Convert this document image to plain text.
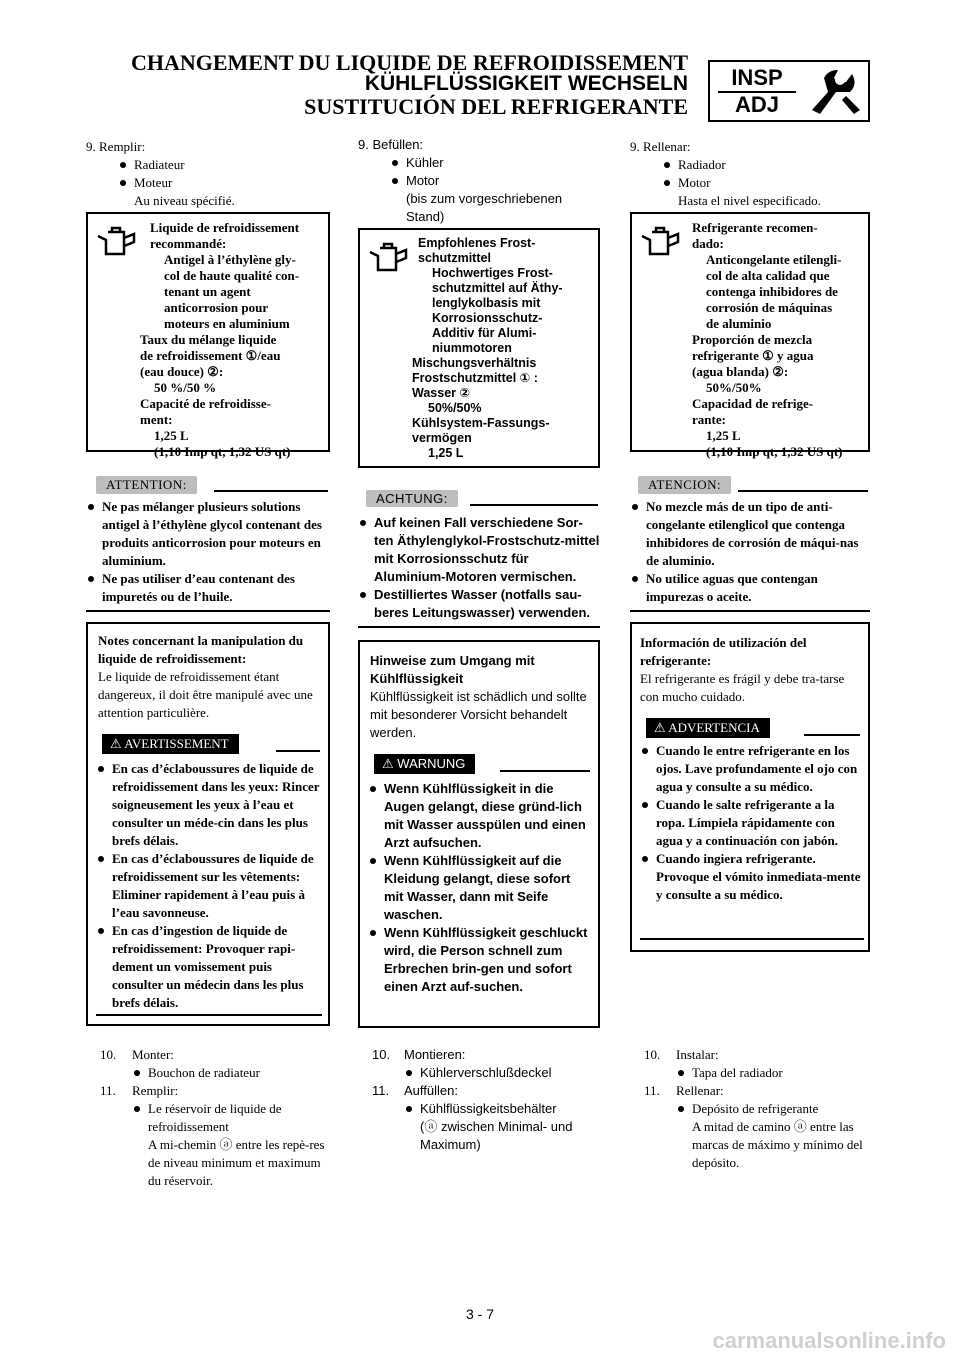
CHANGEMENT DU LIQUIDE DE REFROIDISSEMENT
KÜHLFLÜSSIGKEIT WECHSELN
SUSTITUCIÓN DEL REFRIGERANTE
INSP
ADJ

9. Remplir:

Radiateur

Moteur

Au niveau spécifié.

Liquide de refroidissement recommandé:
Antigel à l’éthylène gly-
col de haute qualité con-
tenant un agent
anticorrosion pour
moteurs en aluminium
Taux du mélange liquide
de refroidissement ①/eau
(eau douce) ②:
50 %/50 %
Capacité de refroidisse-
ment:
1,25 L
(1,10 Imp qt, 1,32 US qt)
ATTENTION:

Ne pas mélanger plusieurs solutions antigel à l’éthylène glycol contenant des produits anticorrosion pour moteurs en aluminium.

Ne pas utiliser d’eau contenant des impuretés ou de l’huile.

Notes concernant la manipulation du liquide de refroidissement:

Le liquide de refroidissement étant dangereux, il doit être manipulé avec une attention particulière.

⚠ AVERTISSEMENT

En cas d’éclaboussures de liquide de refroidissement dans les yeux: Rincer soigneusement les yeux à l’eau et consulter un méde-cin dans les plus brefs délais.

En cas d’éclaboussures de liquide de refroidissement sur les vêtements: Eliminer rapidement à l’eau puis à l’eau savonneuse.

En cas d’ingestion de liquide de refroidissement: Provoquer rapi-dement un vomissement puis consulter un médecin dans les plus brefs délais.

10. Monter:

Bouchon de radiateur

11. Remplir:

Le réservoir de liquide de refroidissement

A mi-chemin ⓐ entre les repè-res de niveau minimum et maximum du réservoir.

9. Befüllen:

Kühler

Motor

(bis zum vorgeschriebenen Stand)

Empfohlenes Frost-
schutzmittel
Hochwertiges Frost-
schutzmittel auf Äthy-
lenglykolbasis mit
Korrosionsschutz-
Additiv für Alumi-
niummotoren
Mischungsverhältnis
Frostschutzmittel ① :
Wasser ②
50%/50%
Kühlsystem-Fassungs-
vermögen
1,25 L
ACHTUNG:

Auf keinen Fall verschiedene Sor-ten Äthylenglykol-Frostschutz-mittel mit Korrosionsschutz für Aluminium-Motoren vermischen.

Destilliertes Wasser (notfalls sau-beres Leitungswasser) verwenden.

Hinweise zum Umgang mit Kühlflüssigkeit

Kühlflüssigkeit ist schädlich und sollte mit besonderer Vorsicht behandelt werden.

⚠ WARNUNG

Wenn Kühlflüssigkeit in die Augen gelangt, diese gründ-lich mit Wasser ausspülen und einen Arzt aufsuchen.

Wenn Kühlflüssigkeit auf die Kleidung gelangt, diese sofort mit Wasser, dann mit Seife waschen.

Wenn Kühlflüssigkeit geschluckt wird, die Person schnell zum Erbrechen brin-gen und sofort einen Arzt auf-suchen.

10. Montieren:

Kühlerverschlußdeckel

11. Auffüllen:

Kühlflüssigkeitsbehälter

(ⓐ zwischen Minimal- und Maximum)

9. Rellenar:

Radiador

Motor

Hasta el nivel especificado.

Refrigerante recomen-
dado:
Anticongelante etilengli-
col de alta calidad que
contenga inhibidores de
corrosión de máquinas
de aluminio
Proporción de mezcla
refrigerante ① y agua
(agua blanda) ②:
50%/50%
Capacidad de refrige-
rante:
1,25 L
(1,10 Imp qt, 1,32 US qt)
ATENCION:

No mezcle más de un tipo de anti-congelante etilenglicol que contenga inhibidores de corrosión de máqui-nas de aluminio.

No utilice aguas que contengan impurezas o aceite.

Información de utilización del refrigerante:

El refrigerante es frágil y debe tra-tarse con mucho cuidado.

⚠ ADVERTENCIA

Cuando le entre refrigerante en los ojos. Lave profundamente el ojo con agua y consulte a su médico.

Cuando le salte refrigerante a la ropa. Límpiela rápidamente con agua y a continuación con jabón.

Cuando ingiera refrigerante. Provoque el vómito inmediata-mente y consulte a su médico.

10. Instalar:

Tapa del radiador

11. Rellenar:

Depósito de refrigerante

A mitad de camino ⓐ entre las marcas de máximo y mínimo del depósito.

3 - 7
carmanualsonline.info
